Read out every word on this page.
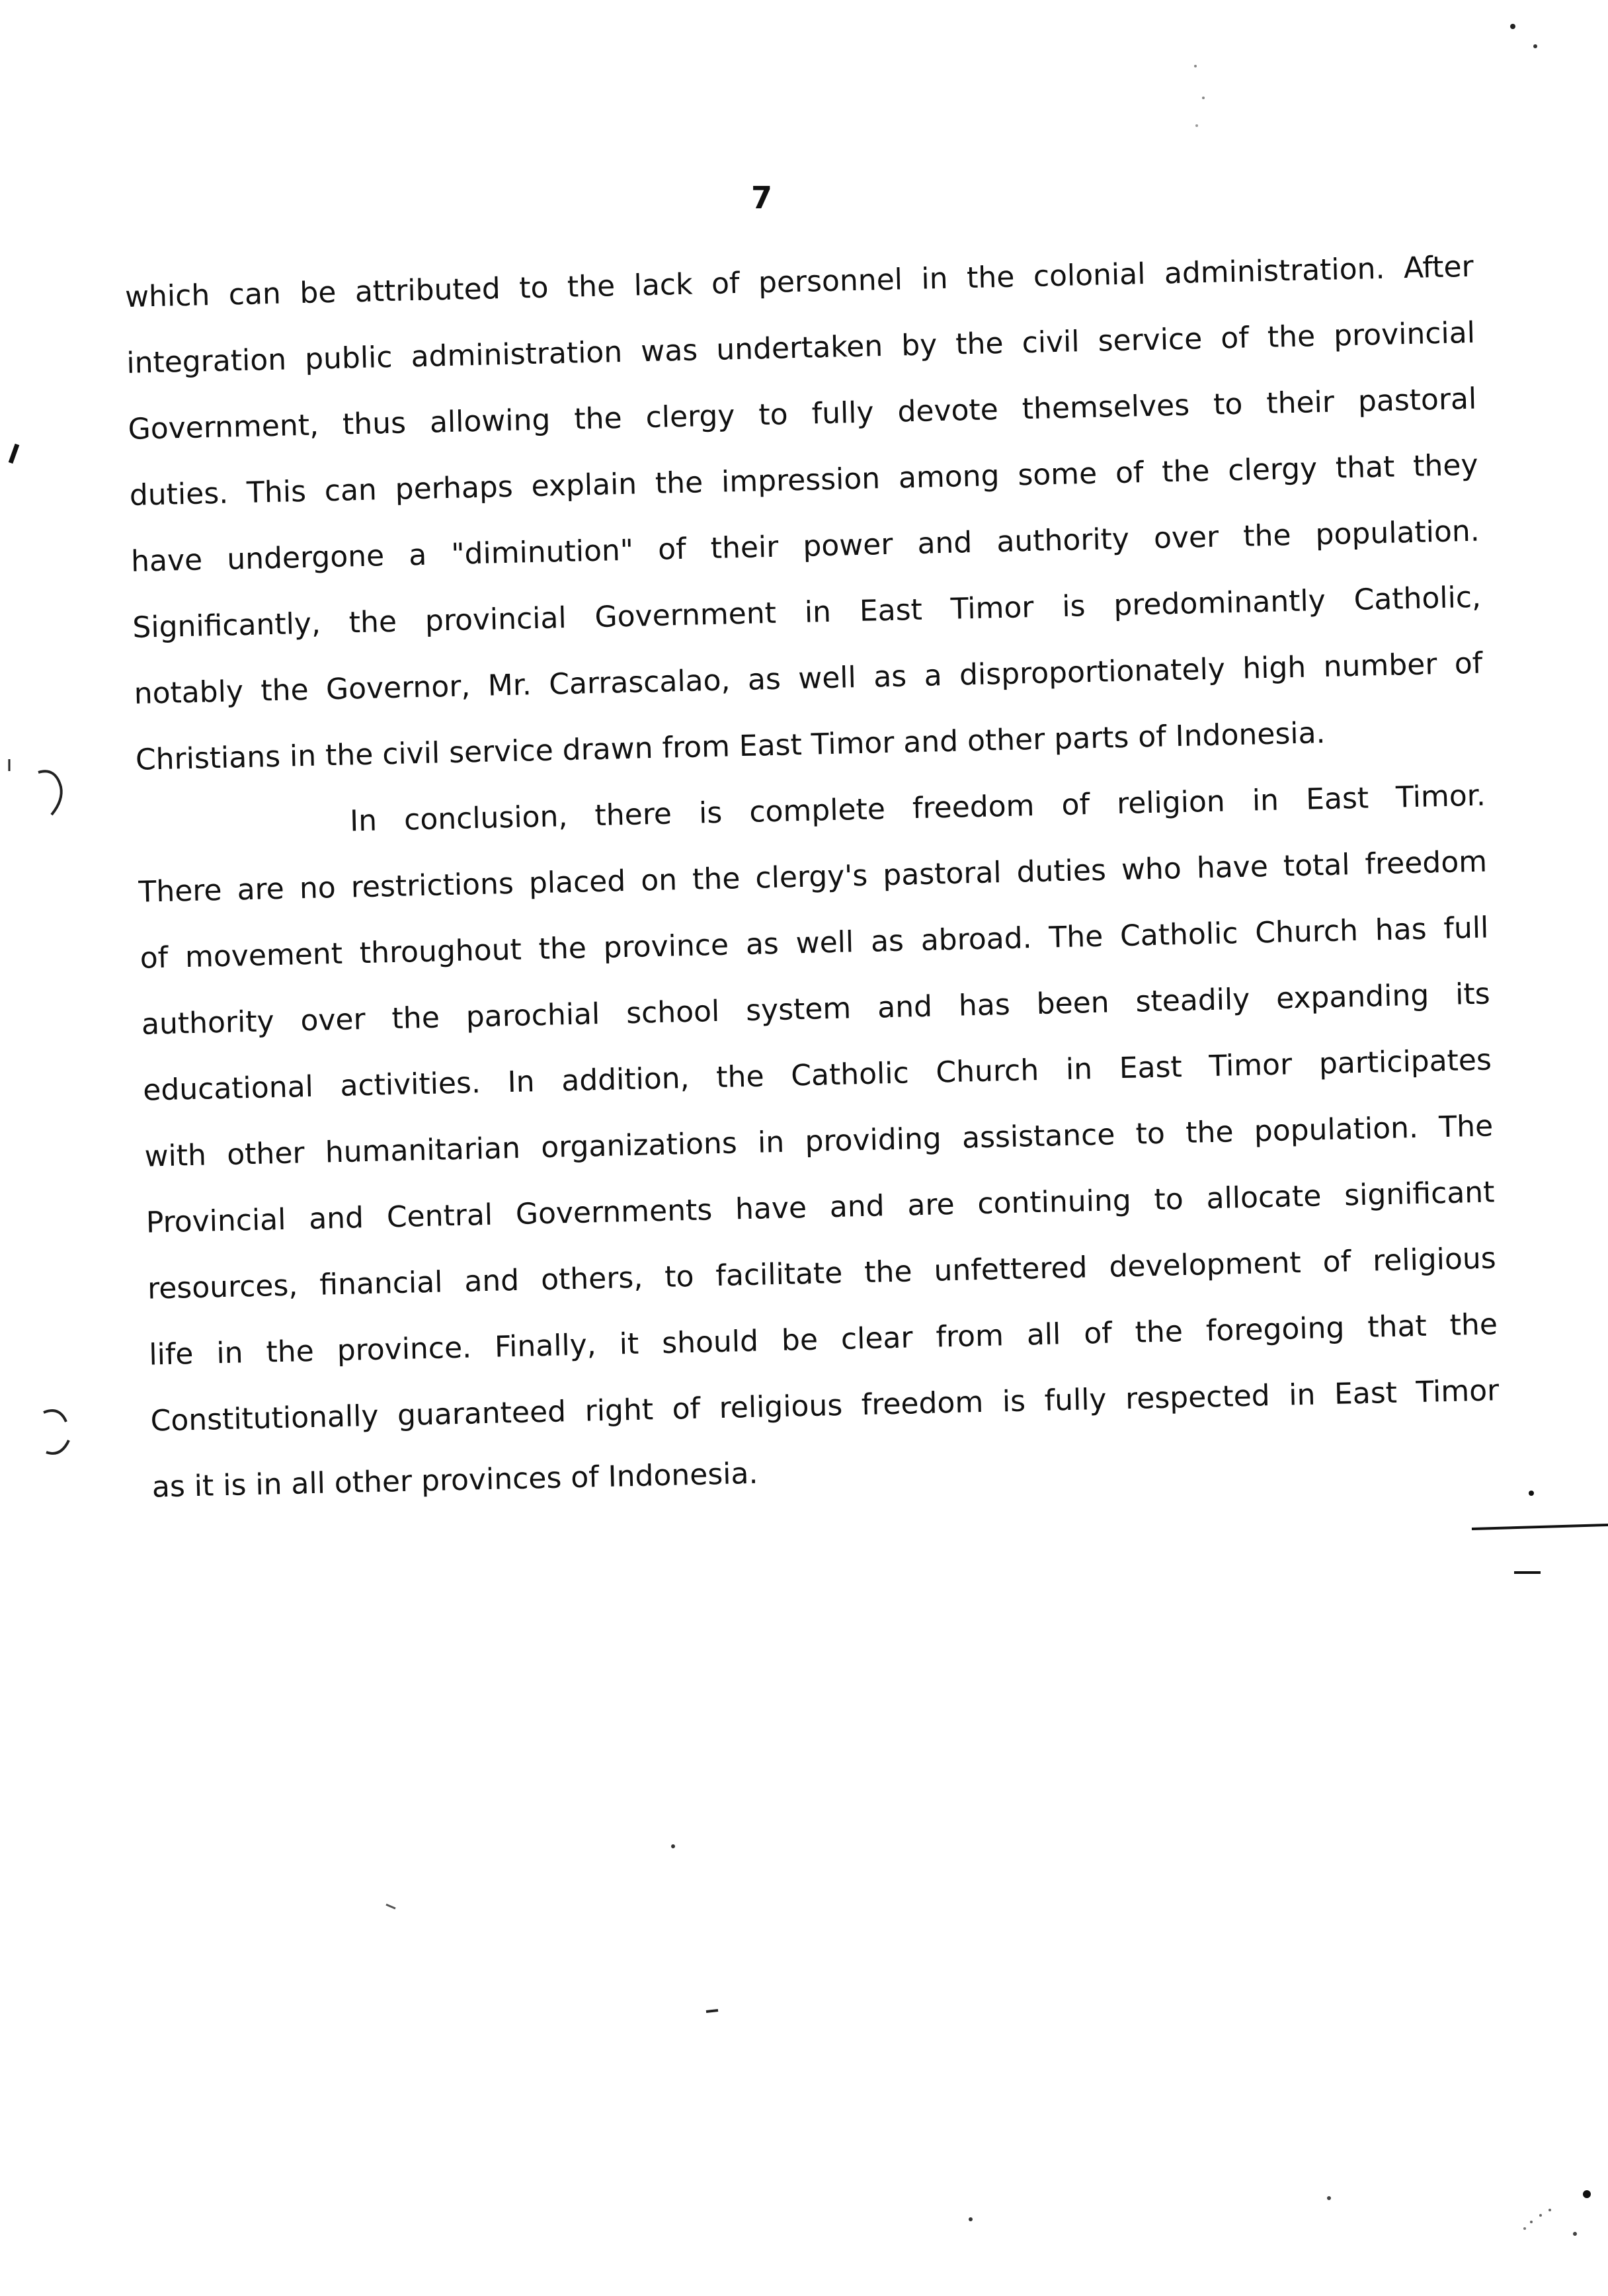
7
which can be attributed to the lack of personnel in the colonial administration. After
integration public administration was undertaken by the civil service of the provincial
Government, thus allowing the clergy to fully devote themselves to their pastoral
duties. This can perhaps explain the impression among some of the clergy that they
have undergone a "diminution" of their power and authority over the population.
Significantly, the provincial Government in East Timor is predominantly Catholic,
notably the Governor, Mr. Carrascalao, as well as a disproportionately high number of
Christians in the civil service drawn from East Timor and other parts of Indonesia.
In conclusion, there is complete freedom of religion in East Timor.
There are no restrictions placed on the clergy's pastoral duties who have total freedom
of movement throughout the province as well as abroad. The Catholic Church has full
authority over the parochial school system and has been steadily expanding its
educational activities. In addition, the Catholic Church in East Timor participates
with other humanitarian organizations in providing assistance to the population. The
Provincial and Central Governments have and are continuing to allocate significant
resources, financial and others, to facilitate the unfettered development of religious
life in the province. Finally, it should be clear from all of the foregoing that the
Constitutionally guaranteed right of religious freedom is fully respected in East Timor
as it is in all other provinces of Indonesia.
